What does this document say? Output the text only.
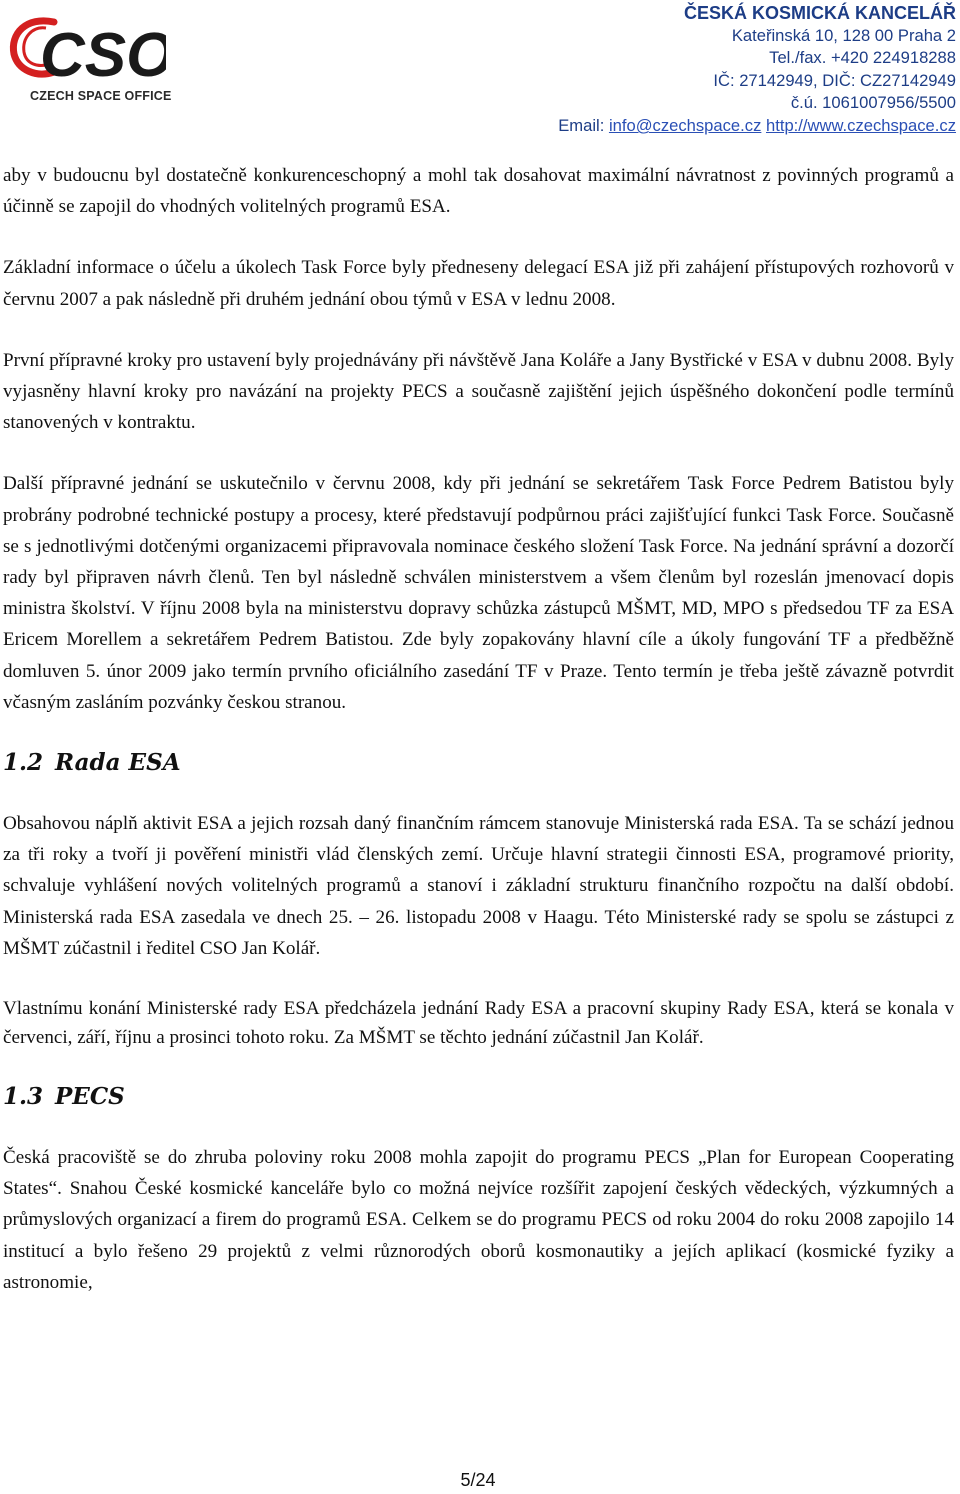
CSO
CZECH SPACE OFFICE
ČESKÁ KOSMICKÁ KANCELÁŘ
Kateřinská 10, 128 00 Praha 2
Tel./fax. +420 224918288
IČ: 27142949, DIČ: CZ27142949
č.ú. 1061007956/5500
Email: info@czechspace.cz http://www.czechspace.cz

aby v budoucnu byl dostatečně konkurenceschopný a mohl tak dosahovat maximální návratnost z povinných programů a účinně se zapojil do vhodných volitelných programů ESA.

Základní informace o účelu a úkolech Task Force byly předneseny delegací ESA již při zahájení přístupových rozhovorů v červnu 2007 a pak následně při druhém jednání obou týmů v ESA v lednu 2008.

První přípravné kroky pro ustavení byly projednávány při návštěvě Jana Koláře a Jany Bystřické v ESA v dubnu 2008. Byly vyjasněny hlavní kroky pro navázání na projekty PECS a současně zajištění jejich úspěšného dokončení podle termínů stanovených v kontraktu.

Další přípravné jednání se uskutečnilo v červnu 2008, kdy při jednání se sekretářem Task Force Pedrem Batistou byly probrány podrobné technické postupy a procesy, které představují podpůrnou práci zajišťující funkci Task Force. Současně se s jednotlivými dotčenými organizacemi připravovala nominace českého složení Task Force. Na jednání správní a dozorčí rady byl připraven návrh členů. Ten byl následně schválen ministerstvem a všem členům byl rozeslán jmenovací dopis ministra školství. V říjnu 2008 byla na ministerstvu dopravy schůzka zástupců MŠMT, MD, MPO s předsedou TF za ESA Ericem Morellem a sekretářem Pedrem Batistou. Zde byly zopakovány hlavní cíle a úkoly fungování TF a předběžně domluven 5. únor 2009 jako termín prvního oficiálního zasedání TF v Praze. Tento termín je třeba ještě závazně potvrdit včasným zasláním pozvánky českou stranou.

1.2 Rada ESA

Obsahovou náplň aktivit ESA a jejich rozsah daný finančním rámcem stanovuje Ministerská rada ESA. Ta se schází jednou za tři roky a tvoří ji pověření ministři vlád členských zemí. Určuje hlavní strategii činnosti ESA, programové priority, schvaluje vyhlášení nových volitelných programů a stanoví i základní strukturu finančního rozpočtu na další období. Ministerská rada ESA zasedala ve dnech 25. – 26. listopadu 2008 v Haagu. Této Ministerské rady se spolu se zástupci z MŠMT zúčastnil i ředitel CSO Jan Kolář.

Vlastnímu konání Ministerské rady ESA předcházela jednání Rady ESA a pracovní skupiny Rady ESA, která se konala v červenci, září, říjnu a prosinci tohoto roku. Za MŠMT se těchto jednání zúčastnil Jan Kolář.

1.3 PECS

Česká pracoviště se do zhruba poloviny roku 2008 mohla zapojit do programu PECS „Plan for European Cooperating States“. Snahou České kosmické kanceláře bylo co možná nejvíce rozšířit zapojení českých vědeckých, výzkumných a průmyslových organizací a firem do programů ESA. Celkem se do programu PECS od roku 2004 do roku 2008 zapojilo 14 institucí a bylo řešeno 29 projektů z velmi různorodých oborů kosmonautiky a jejích aplikací (kosmické fyziky a astronomie,

5/24
